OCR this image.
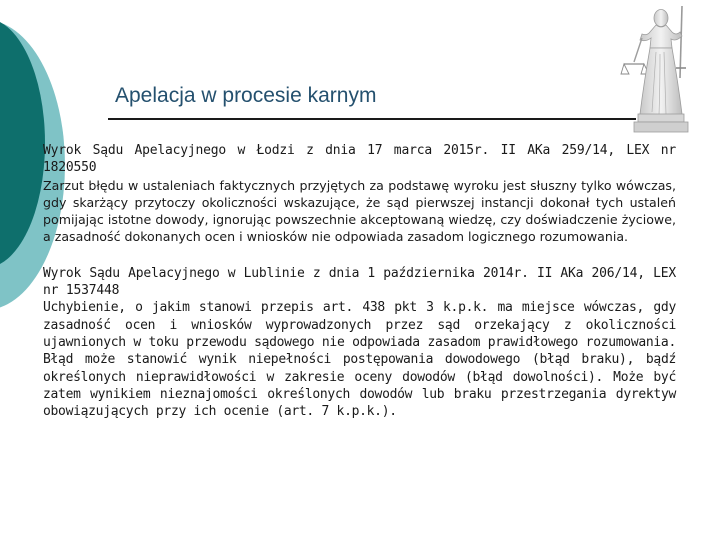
Apelacja w procesie karnym

Wyrok Sądu Apelacyjnego w Łodzi z dnia 17 marca 2015r. II AKa 259/14, LEX nr 1820550

Zarzut błędu w ustaleniach faktycznych przyjętych za podstawę wyroku jest słuszny tylko wówczas, gdy skarżący przytoczy okoliczności wskazujące, że sąd pierwszej instancji dokonał tych ustaleń pomijając istotne dowody, ignorując powszechnie akceptowaną wiedzę, czy doświadczenie życiowe, a zasadność dokonanych ocen i wniosków nie odpowiada zasadom logicznego rozumowania.

Wyrok Sądu Apelacyjnego w Lublinie z dnia 1 października 2014r. II AKa 206/14, LEX nr 1537448

Uchybienie, o jakim stanowi przepis art. 438 pkt 3 k.p.k. ma miejsce wówczas, gdy zasadność ocen i wniosków wyprowadzonych przez sąd orzekający z okoliczności ujawnionych w toku przewodu sądowego nie odpowiada zasadom prawidłowego rozumowania. Błąd może stanowić wynik niepełności postępowania dowodowego (błąd braku), bądź określonych nieprawidłowości w zakresie oceny dowodów (błąd dowolności). Może być zatem wynikiem nieznajomości określonych dowodów lub braku przestrzegania dyrektyw obowiązujących przy ich ocenie (art. 7 k.p.k.).
